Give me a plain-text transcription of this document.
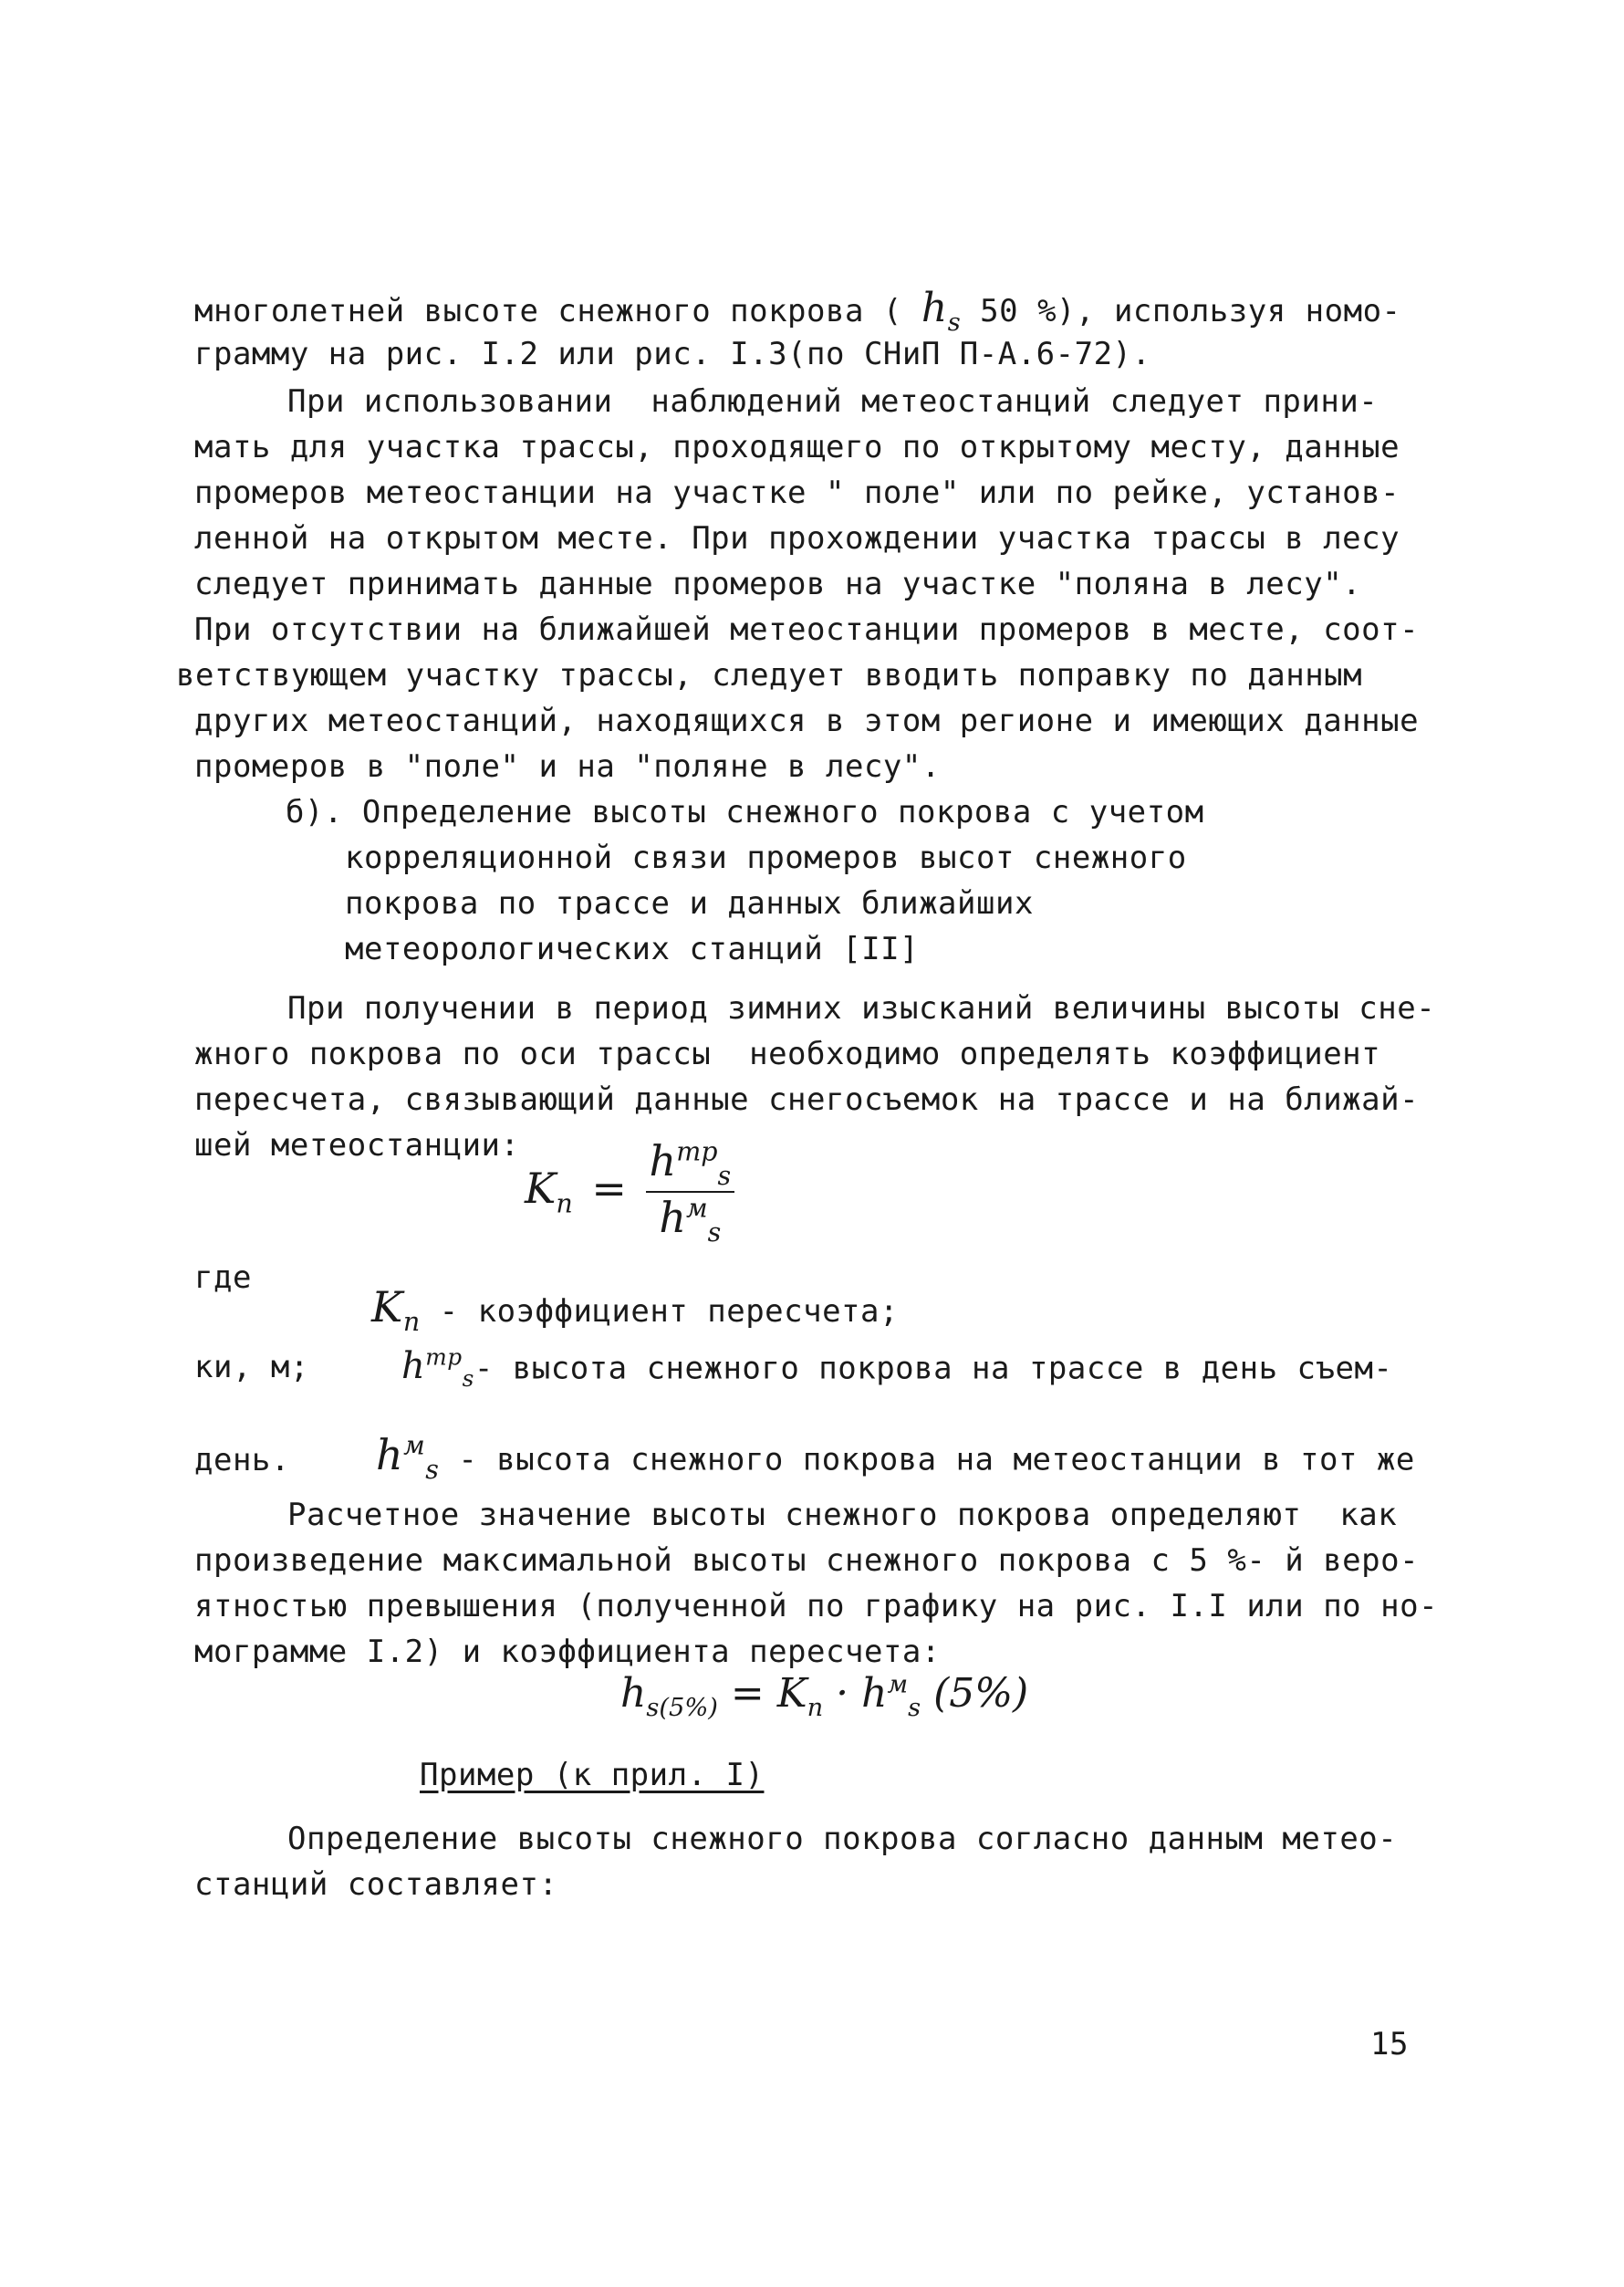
многолетней высоте снежного покрова ( $h_s$ 50 %), используя номо-
грамму на рис. I.2 или рис. I.3(по СНиП П-А.6-72).
При использовании  наблюдений метеостанций следует прини-
мать для участка трассы, проходящего по открытому месту, данные
промеров метеостанции на участке " поле" или по рейке, установ-
ленной на открытом месте. При прохождении участка трассы в лесу
следует принимать данные промеров на участке "поляна в лесу".
При отсутствии на ближайшей метеостанции промеров в месте, соот-
ветствующем участку трассы, следует вводить поправку по данным
других метеостанций, находящихся в этом регионе и имеющих данные
промеров в "поле" и на "поляне в лесу".
б). Определение высоты снежного покрова с учетом
корреляционной связи промеров высот снежного
покрова по трассе и данных ближайших
метеорологических станций [II]
При получении в период зимних изысканий величины высоты сне-
жного покрова по оси трассы  необходимо определять коэффициент
пересчета, связывающий данные снегосъемок на трассе и на ближай-
шей метеостанции:
$K_п = \frac{h^{тр}_s}{h^м_s}$
где

$K_п$ - коэффициент пересчета;

$h^{тр}_s-$ высота снежного покрова на трассе в день съем-

ки, м;

$h^м_s$ - высота снежного покрова на метеостанции в тот же

день.
Расчетное значение высоты снежного покрова определяют  как
произведение максимальной высоты снежного покрова с 5 %- й веро-
ятностью превышения (полученной по графику на рис. I.I или по но-
мограмме I.2) и коэффициента пересчета:
$h_{s(5\%)} = K_п \cdot h^м_s$ (5%)
Пример (к прил. I)
Определение высоты снежного покрова согласно данным метео-
станций составляет:
15
